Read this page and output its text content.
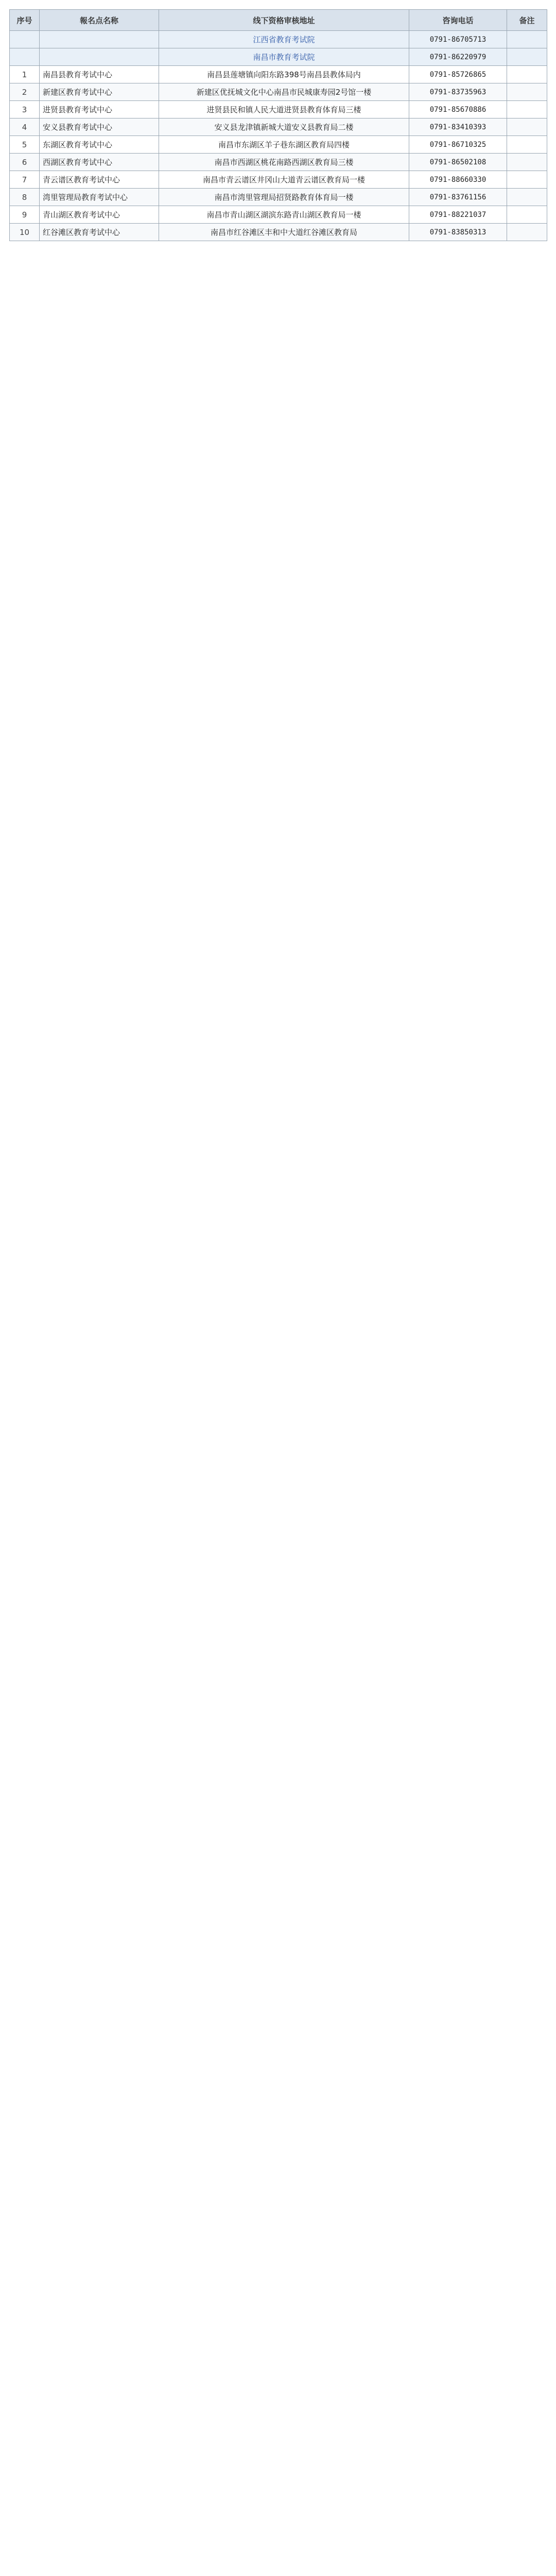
序号	報名点名称	线下资格审核地址	咨询电话	备注
		江西省教育考试院	0791-86705713	
		南昌市教育考试院	0791-86220979	
1	南昌县教育考试中心	南昌县莲塘镇向阳东路398号南昌县教体局内	0791-85726865	
2	新建区教育考试中心	新建区优抚城文化中心南昌市民城康寿园2号馆一楼	0791-83735963	
3	进贤县教育考试中心	进贤县民和镇人民大道进贤县教育体育局三楼	0791-85670886	
4	安义县教育考试中心	安义县龙津镇新城大道安义县教育局二楼	0791-83410393	
5	东湖区教育考试中心	南昌市东湖区羊子巷东湖区教育局四楼	0791-86710325	
6	西湖区教育考试中心	南昌市西湖区桃花南路西湖区教育局三楼	0791-86502108	
7	青云谱区教育考试中心	南昌市青云谱区井冈山大道青云谱区教育局一楼	0791-88660330	
8	湾里管理局教育考试中心	南昌市湾里管理局招贤路教育体育局一楼	0791-83761156	
9	青山湖区教育考试中心	南昌市青山湖区湖滨东路青山湖区教育局一楼	0791-88221037	
10	红谷滩区教育考试中心	南昌市红谷滩区丰和中大道红谷滩区教育局	0791-83850313	
